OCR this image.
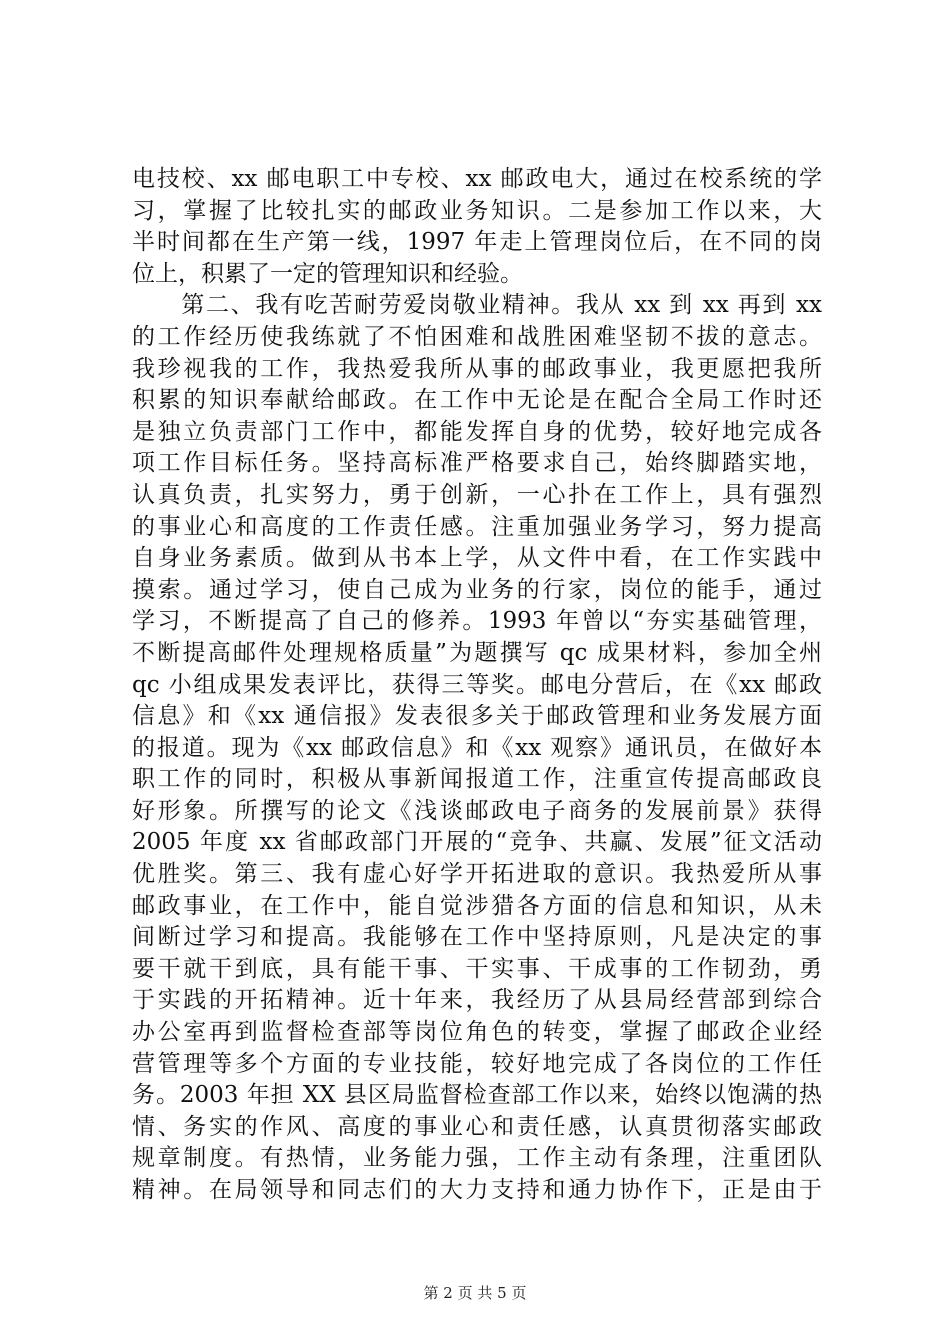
电技校、xx 邮电职工中专校、xx 邮政电大，通过在校系统的学
习，掌握了比较扎实的邮政业务知识。二是参加工作以来，大
半时间都在生产第一线，1997 年走上管理岗位后，在不同的岗
位上，积累了一定的管理知识和经验。
　　第二、我有吃苦耐劳爱岗敬业精神。我从 xx 到 xx 再到 xx
的工作经历使我练就了不怕困难和战胜困难坚韧不拔的意志。
我珍视我的工作，我热爱我所从事的邮政事业，我更愿把我所
积累的知识奉献给邮政。在工作中无论是在配合全局工作时还
是独立负责部门工作中，都能发挥自身的优势，较好地完成各
项工作目标任务。坚持高标准严格要求自己，始终脚踏实地，
认真负责，扎实努力，勇于创新，一心扑在工作上，具有强烈
的事业心和高度的工作责任感。注重加强业务学习，努力提高
自身业务素质。做到从书本上学，从文件中看，在工作实践中
摸索。通过学习，使自己成为业务的行家，岗位的能手，通过
学习，不断提高了自己的修养。1993 年曾以“夯实基础管理，
不断提高邮件处理规格质量”为题撰写 qc 成果材料，参加全州
qc 小组成果发表评比，获得三等奖。邮电分营后，在《xx 邮政
信息》和《xx 通信报》发表很多关于邮政管理和业务发展方面
的报道。现为《xx 邮政信息》和《xx 观察》通讯员，在做好本
职工作的同时，积极从事新闻报道工作，注重宣传提高邮政良
好形象。所撰写的论文《浅谈邮政电子商务的发展前景》获得
2005 年度 xx 省邮政部门开展的“竞争、共赢、发展”征文活动
优胜奖。第三、我有虚心好学开拓进取的意识。我热爱所从事
邮政事业，在工作中，能自觉涉猎各方面的信息和知识，从未
间断过学习和提高。我能够在工作中坚持原则，凡是决定的事
要干就干到底，具有能干事、干实事、干成事的工作韧劲，勇
于实践的开拓精神。近十年来，我经历了从县局经营部到综合
办公室再到监督检查部等岗位角色的转变，掌握了邮政企业经
营管理等多个方面的专业技能，较好地完成了各岗位的工作任
务。2003 年担 XX 县区局监督检查部工作以来，始终以饱满的热
情、务实的作风、高度的事业心和责任感，认真贯彻落实邮政
规章制度。有热情，业务能力强，工作主动有条理，注重团队
精神。在局领导和同志们的大力支持和通力协作下，正是由于
第 2 页 共 5 页
